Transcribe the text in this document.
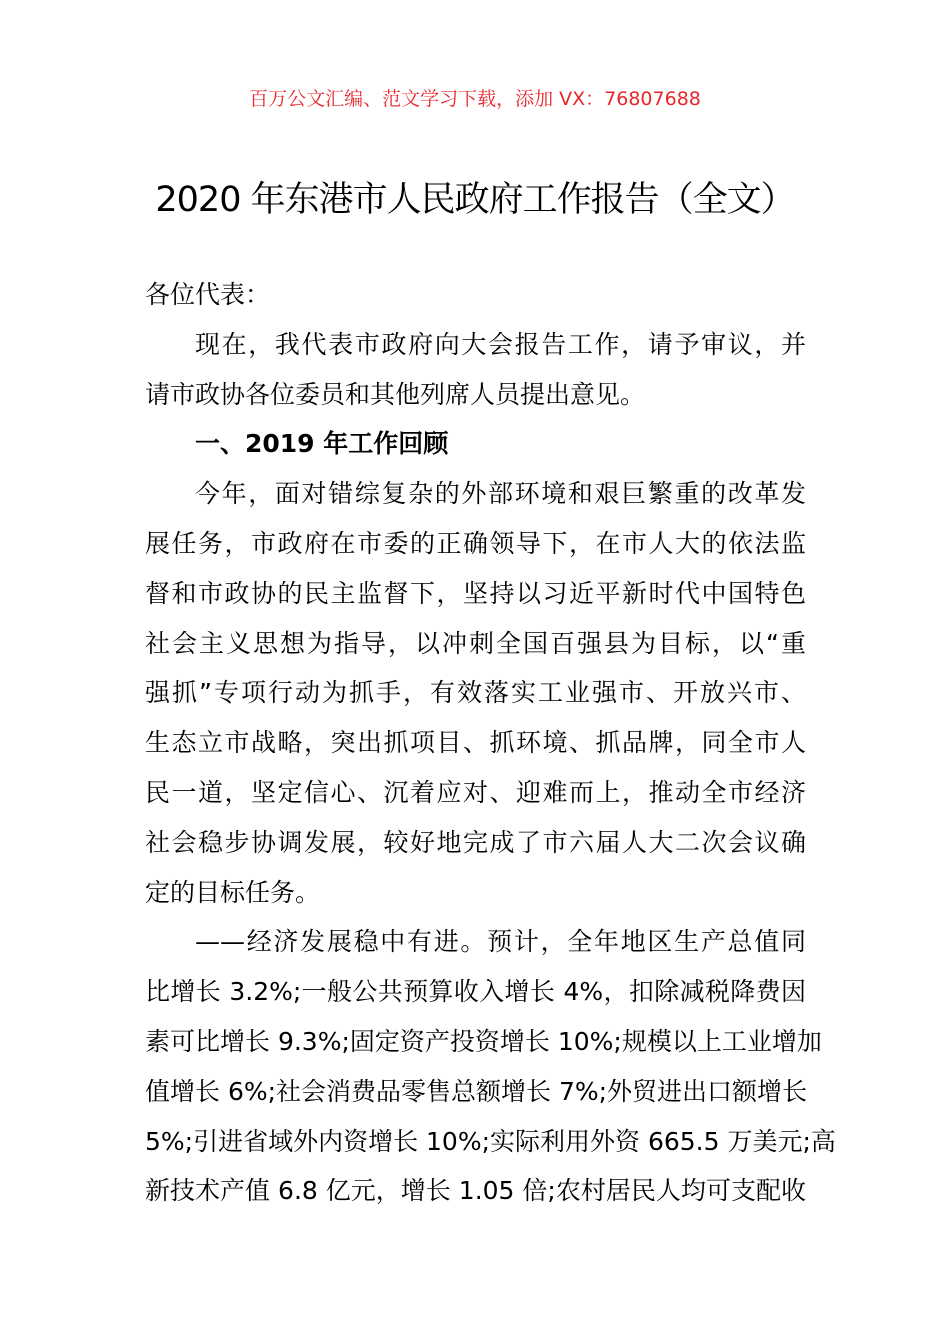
百万公文汇编、范文学习下载，添加 VX：76807688
2020 年东港市人民政府工作报告（全文）
各位代表：
现在，我代表市政府向大会报告工作，请予审议，并
请市政协各位委员和其他列席人员提出意见。
一、2019 年工作回顾
今年，面对错综复杂的外部环境和艰巨繁重的改革发
展任务，市政府在市委的正确领导下，在市人大的依法监
督和市政协的民主监督下，坚持以习近平新时代中国特色
社会主义思想为指导，以冲刺全国百强县为目标，以“重
强抓”专项行动为抓手，有效落实工业强市、开放兴市、
生态立市战略，突出抓项目、抓环境、抓品牌，同全市人
民一道，坚定信心、沉着应对、迎难而上，推动全市经济
社会稳步协调发展，较好地完成了市六届人大二次会议确
定的目标任务。
——经济发展稳中有进。预计，全年地区生产总值同
比增长 3.2%;一般公共预算收入增长 4%，扣除减税降费因
素可比增长 9.3%;固定资产投资增长 10%;规模以上工业增加
值增长 6%;社会消费品零售总额增长 7%;外贸进出口额增长
5%;引进省域外内资增长 10%;实际利用外资 665.5 万美元;高
新技术产值 6.8 亿元，增长 1.05 倍;农村居民人均可支配收
